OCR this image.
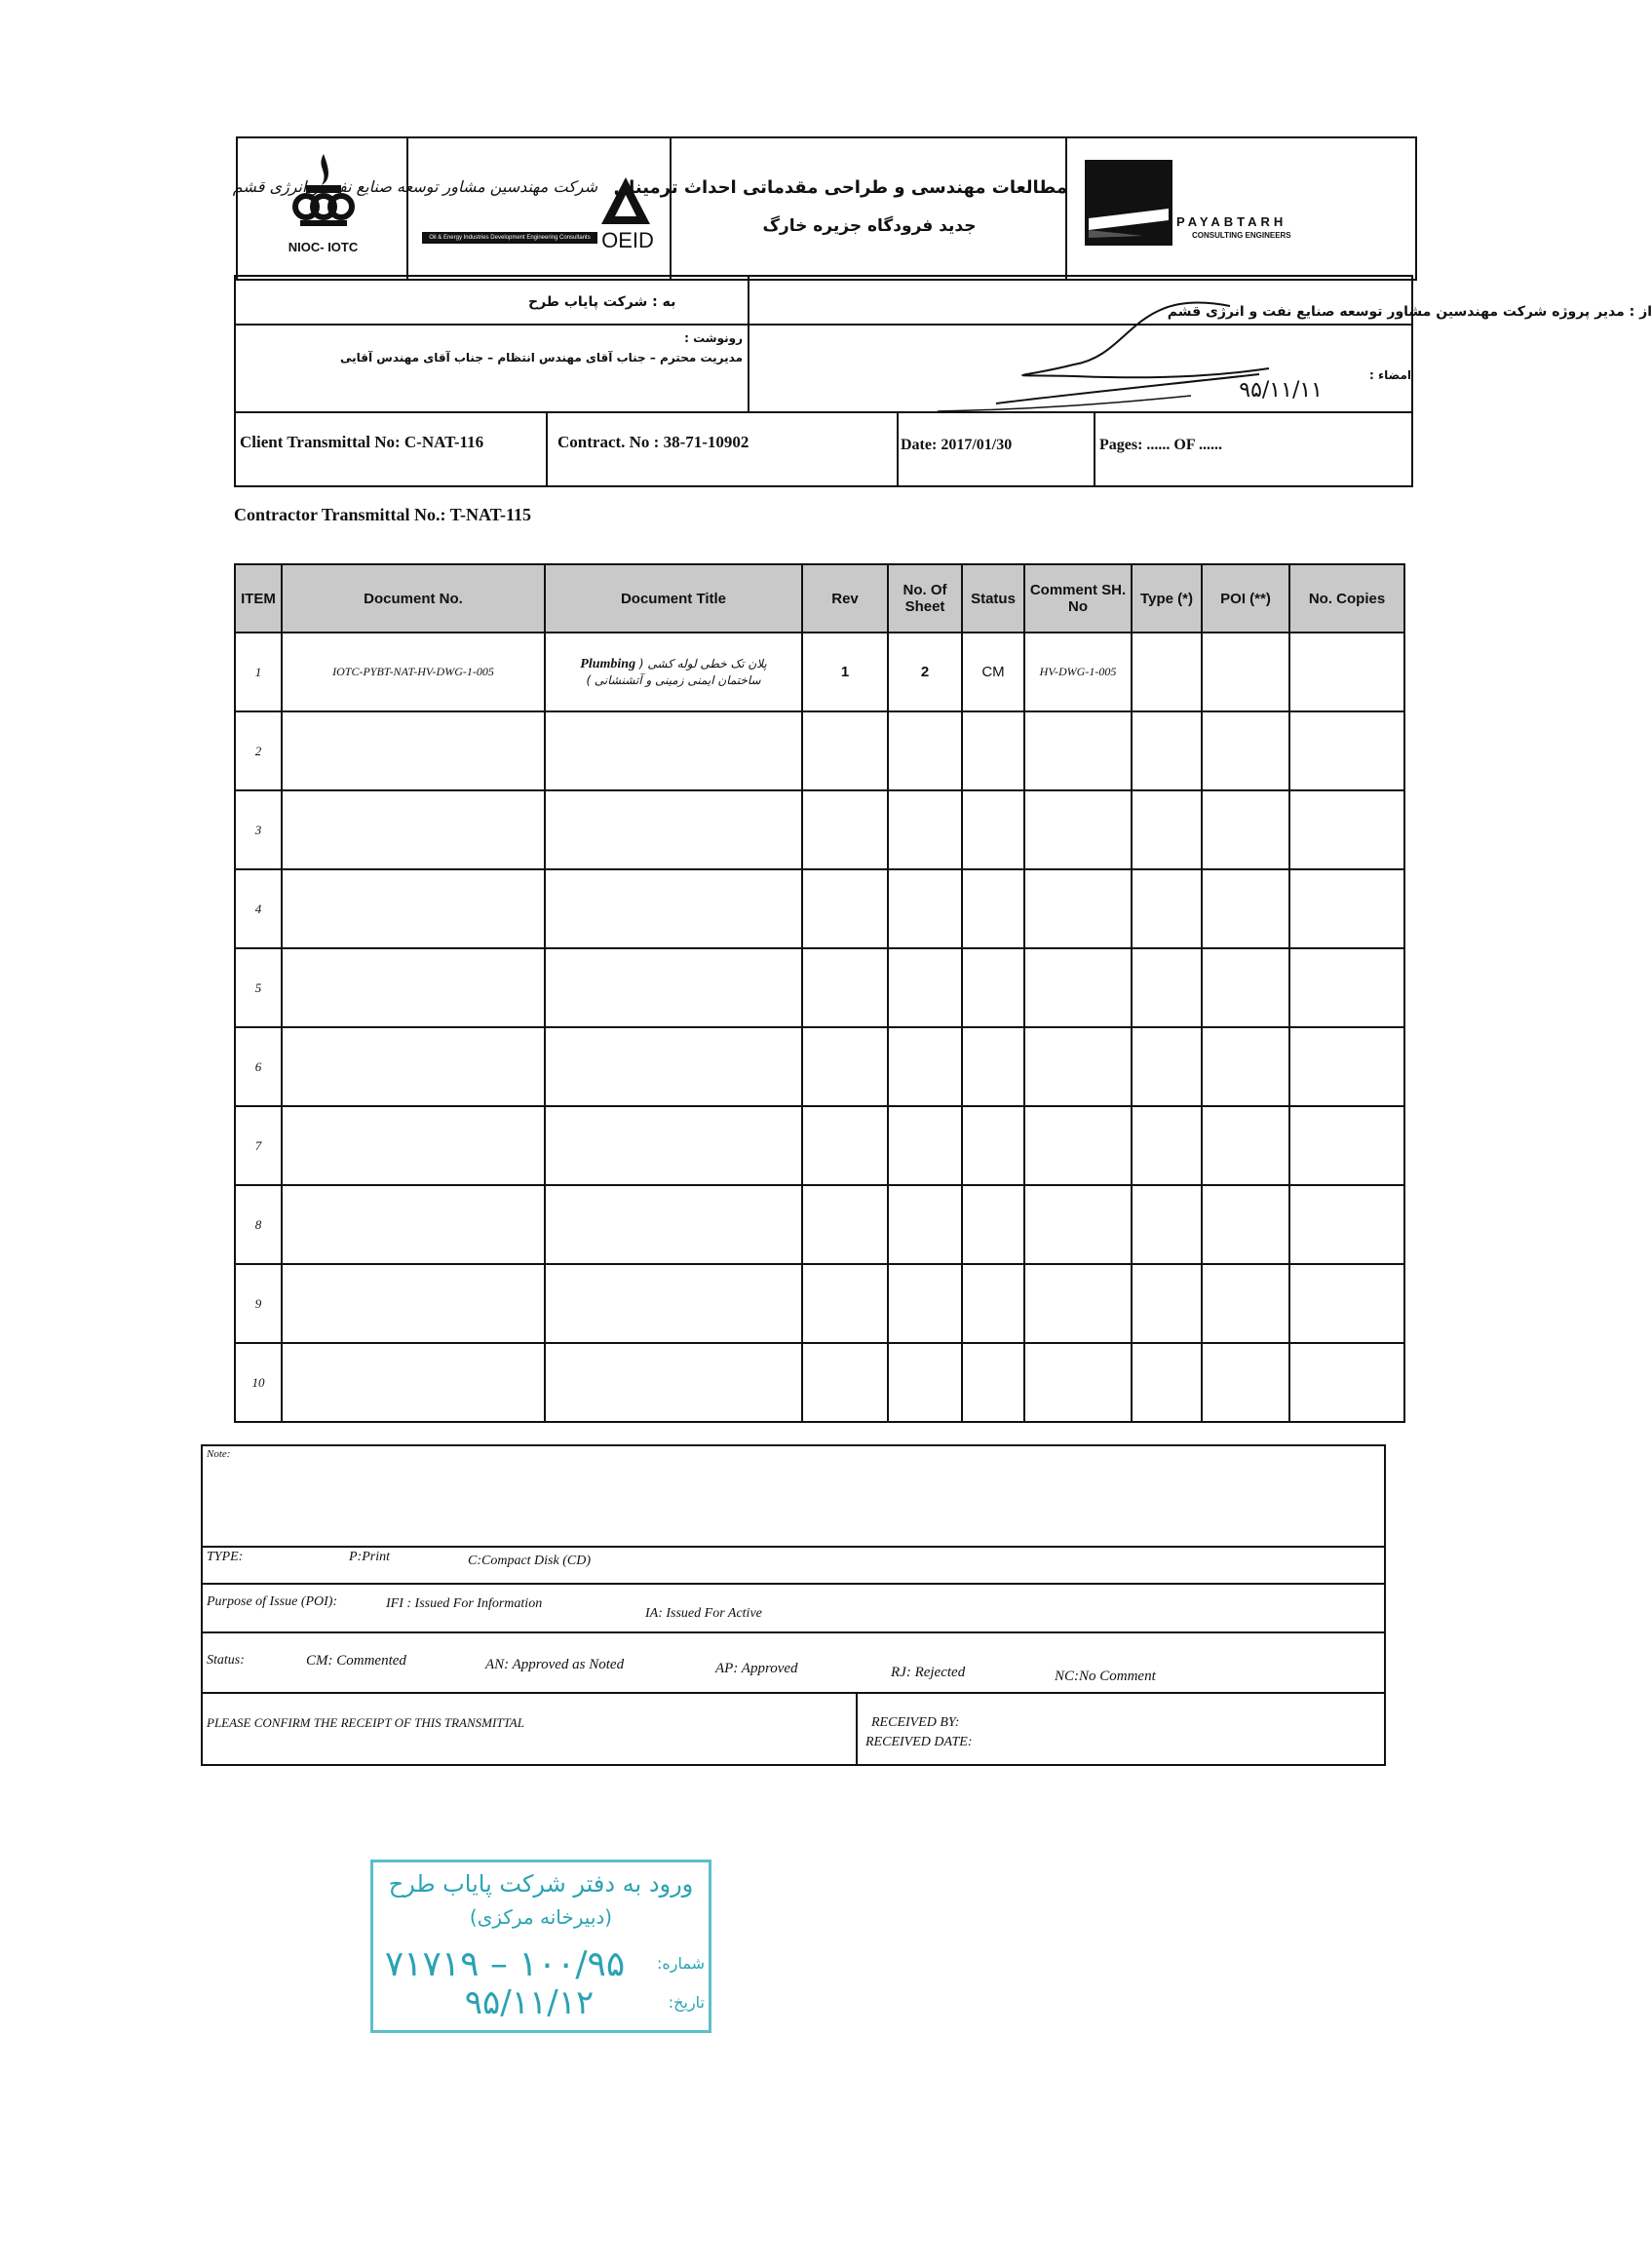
NIOC- IOTC
شرکت مهندسین مشاور توسعه صنایع نفت و انرژی قشم
Oil & Energy Industries Development Engineering Consultants OEID
مطالعات مهندسی و طراحی مقدماتی احداث ترمینال
جدید فرودگاه جزیره خارگ	PAYABTARH
CONSULTING ENGINEERS
به : شرکت پایاب طرح
از : مدیر پروژه شرکت مهندسین مشاور توسعه صنایع نفت و انرژی قشم
رونوشت :
مدیریت محترم – جناب آقای مهندس انتظام – جناب آقای مهندس آقایی
امضاء :
۹۵/۱۱/۱۱
Client Transmittal No: C-NAT-116	Contract. No : 38-71-10902	Date: 2017/01/30	Pages: ...... OF ......
Contractor Transmittal No.: T-NAT-115
ITEM	Document No.	Document Title	Rev	No. Of Sheet	Status	Comment SH. No	Type (*)	POI (**)	No. Copies
1	IOTC-PYBT-NAT-HV-DWG-1-005	پلان تک خطی لوله کشی ( Plumbing
ساختمان ایمنی زمینی و آتشنشانی )	1	2	CM	HV-DWG-1-005			
2									
3									
4									
5									
6									
7									
8									
9									
10									
Note:
TYPE:	P:Print	C:Compact Disk (CD)
Purpose of Issue (POI):	IFI : Issued For Information
IA: Issued For Active
Status:	CM: Commented	AN: Approved as Noted	AP: Approved	RJ: Rejected	NC:No Comment
PLEASE CONFIRM THE RECEIPT OF THIS TRANSMITTAL	RECEIVED BY:
RECEIVED DATE:
ورود به دفتر شرکت پایاب طرح
(دبیرخانه مرکزی)
شماره:
۷۱۷۱۹ – ۱۰۰/۹۵
تاریخ:
۹۵/۱۱/۱۲
